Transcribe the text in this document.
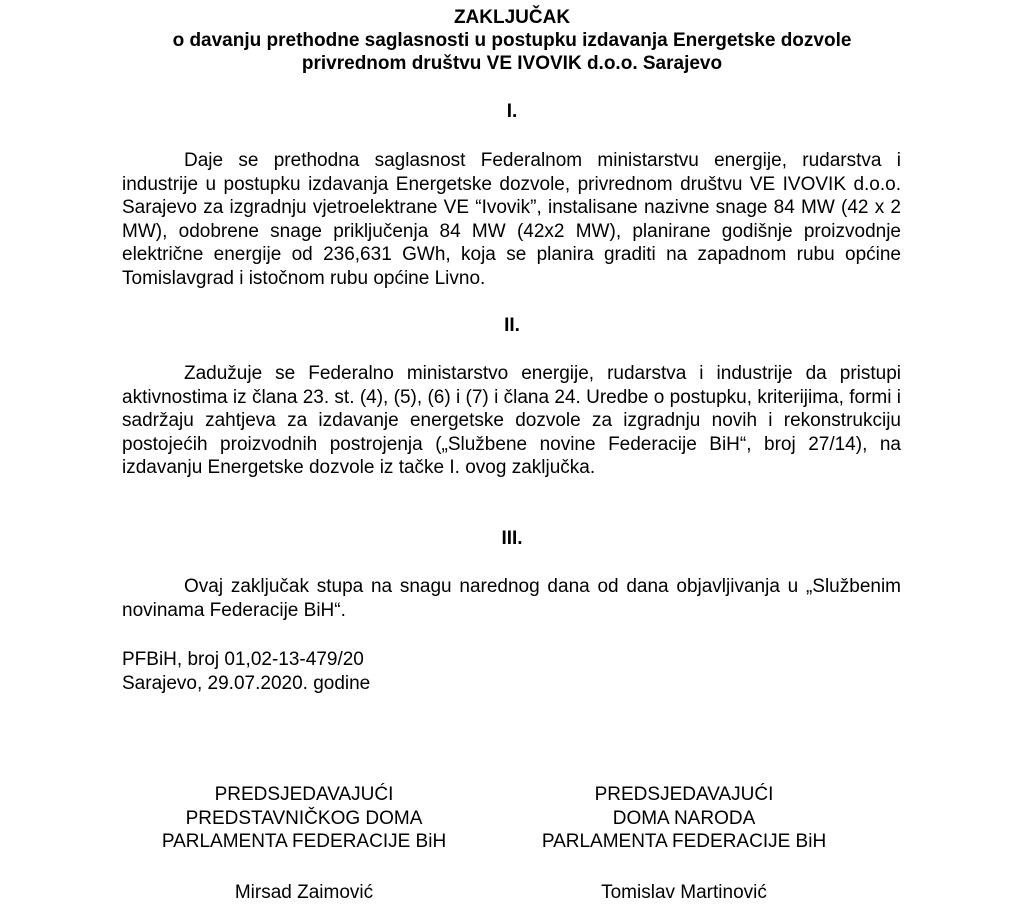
ZAKLJUČAK
o davanju prethodne saglasnosti u postupku izdavanja Energetske dozvole
privrednom društvu VE IVOVIK d.o.o. Sarajevo
I.
Daje se prethodna saglasnost Federalnom ministarstvu energije, rudarstva i industrije u postupku izdavanja Energetske dozvole, privrednom društvu VE IVOVIK d.o.o. Sarajevo za izgradnju vjetroelektrane VE “Ivovik”, instalisane nazivne snage 84 MW (42 x 2 MW), odobrene snage priključenja 84 MW (42x2 MW), planirane godišnje proizvodnje električne energije od 236,631 GWh, koja se planira graditi na zapadnom rubu općine Tomislavgrad i istočnom rubu općine Livno.
II.
Zadužuje se Federalno ministarstvo energije, rudarstva i industrije da pristupi aktivnostima iz člana 23. st. (4), (5), (6) i (7) i člana 24. Uredbe o postupku, kriterijima, formi i sadržaju zahtjeva za izdavanje energetske dozvole za izgradnju novih i rekonstrukciju postojećih proizvodnih postrojenja („Službene novine Federacije BiH“, broj 27/14), na izdavanju Energetske dozvole iz tačke I. ovog zaključka.
III.
Ovaj zaključak stupa na snagu narednog dana od dana objavljivanja u „Službenim novinama Federacije BiH“.
PFBiH, broj 01,02-13-479/20
Sarajevo, 29.07.2020. godine
PREDSJEDAVAJUĆI
PREDSTAVNIČKOG DOMA
PARLAMENTA FEDERACIJE BiH
Mirsad Zaimović
PREDSJEDAVAJUĆI
DOMA NARODA
PARLAMENTA FEDERACIJE BiH
Tomislav Martinović
